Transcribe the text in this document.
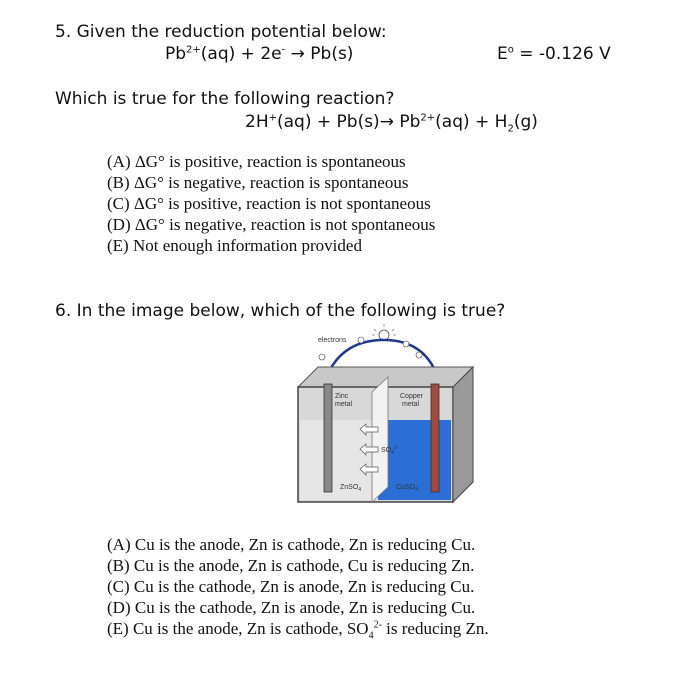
5. Given the reduction potential below:
$Pb^{2+}(aq) + 2e^- \to Pb(s)$	$E^o = -0.126$ V
Which is true for the following reaction?
$2H^+(aq) + Pb(s)\to Pb^{2+}(aq) + H_2(g)$
(A) ΔG° is positive, reaction is spontaneous
(B) ΔG° is negative, reaction is spontaneous
(C) ΔG° is positive, reaction is not spontaneous
(D) ΔG° is negative, reaction is not spontaneous
(E) Not enough information provided
6. In the image below, which of the following is true?
electrons
Zinc
metal
Copper
metal
$SO_4^{2-}$
ZnSO$_4$	CuSO$_4$
(A) Cu is the anode, Zn is cathode, Zn is reducing Cu.
(B) Cu is the anode, Zn is cathode, Cu is reducing Zn.
(C) Cu is the cathode, Zn is anode, Zn is reducing Cu.
(D) Cu is the cathode, Zn is anode, Zn is reducing Cu.
(E) Cu is the anode, Zn is cathode, $SO_4^{2-}$ is reducing Zn.
